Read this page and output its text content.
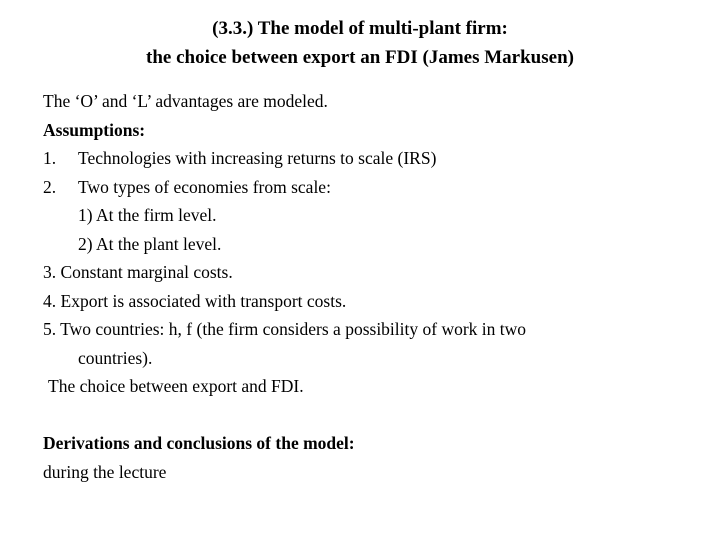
(3.3.) The model of multi-plant firm:
the choice between export an FDI (James Markusen)
The ‘O’ and ‘L’ advantages are modeled.
Assumptions:
1. Technologies with increasing returns to scale (IRS)
2. Two types of economies from scale:
1) At the firm level.
2) At the plant level.
3. Constant marginal costs.
4. Export is associated with transport costs.
5. Two countries: h, f (the firm considers a possibility of work in two
countries).
The choice between export and FDI.
Derivations and conclusions of the model:
during the lecture
